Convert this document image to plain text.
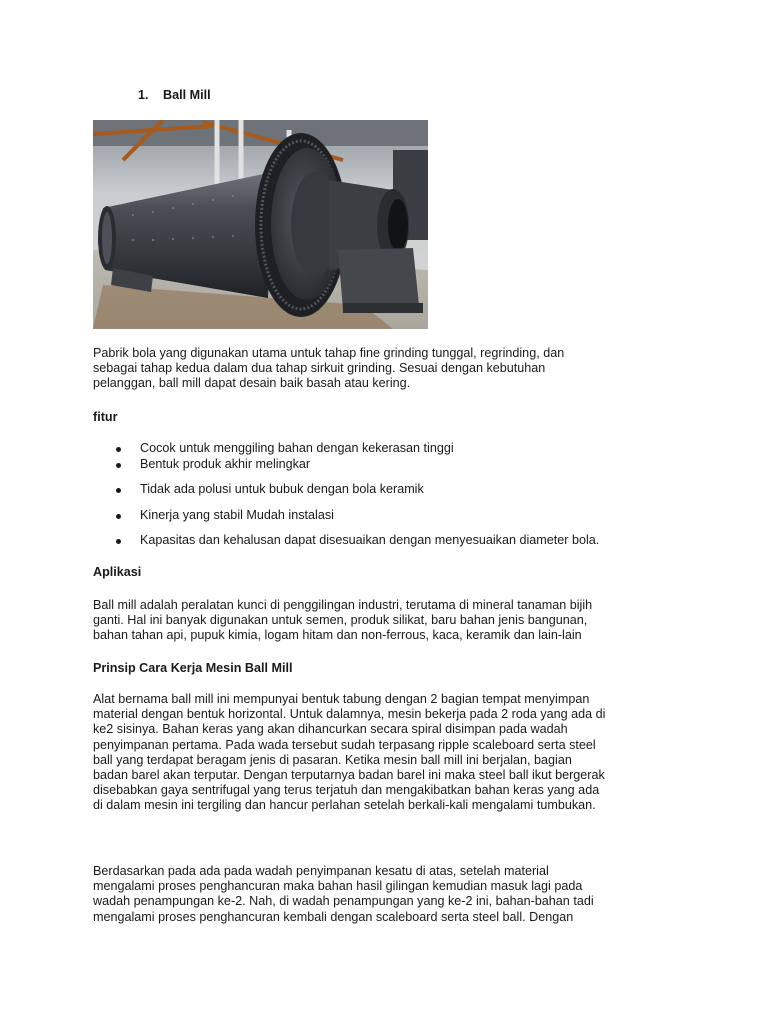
1. Ball Mill
Pabrik bola yang digunakan utama untuk tahap fine grinding tunggal, regrinding, dan
sebagai tahap kedua dalam dua tahap sirkuit grinding. Sesuai dengan kebutuhan
pelanggan, ball mill dapat desain baik basah atau kering.
fitur
Cocok untuk menggiling bahan dengan kekerasan tinggi
Bentuk produk akhir melingkar
Tidak ada polusi untuk bubuk dengan bola keramik
Kinerja yang stabil Mudah instalasi
Kapasitas dan kehalusan dapat disesuaikan dengan menyesuaikan diameter bola.
Aplikasi
Ball mill adalah peralatan kunci di penggilingan industri, terutama di mineral tanaman bijih
ganti. Hal ini banyak digunakan untuk semen, produk silikat, baru bahan jenis bangunan,
bahan tahan api, pupuk kimia, logam hitam dan non-ferrous, kaca, keramik dan lain-lain
Prinsip Cara Kerja Mesin Ball Mill
Alat bernama ball mill ini mempunyai bentuk tabung dengan 2 bagian tempat menyimpan
material dengan bentuk horizontal. Untuk dalamnya, mesin bekerja pada 2 roda yang ada di
ke2 sisinya. Bahan keras yang akan dihancurkan secara spiral disimpan pada wadah
penyimpanan pertama. Pada wada tersebut sudah terpasang ripple scaleboard serta steel
ball yang terdapat beragam jenis di pasaran. Ketika mesin ball mill ini berjalan, bagian
badan barel akan terputar. Dengan terputarnya badan barel ini maka steel ball ikut bergerak
disebabkan gaya sentrifugal yang terus terjatuh dan mengakibatkan bahan keras yang ada
di dalam mesin ini tergiling dan hancur perlahan setelah berkali-kali mengalami tumbukan.
Berdasarkan pada ada pada wadah penyimpanan kesatu di atas, setelah material
mengalami proses penghancuran maka bahan hasil gilingan kemudian masuk lagi pada
wadah penampungan ke-2. Nah, di wadah penampungan yang ke-2 ini, bahan-bahan tadi
mengalami proses penghancuran kembali dengan scaleboard serta steel ball. Dengan
